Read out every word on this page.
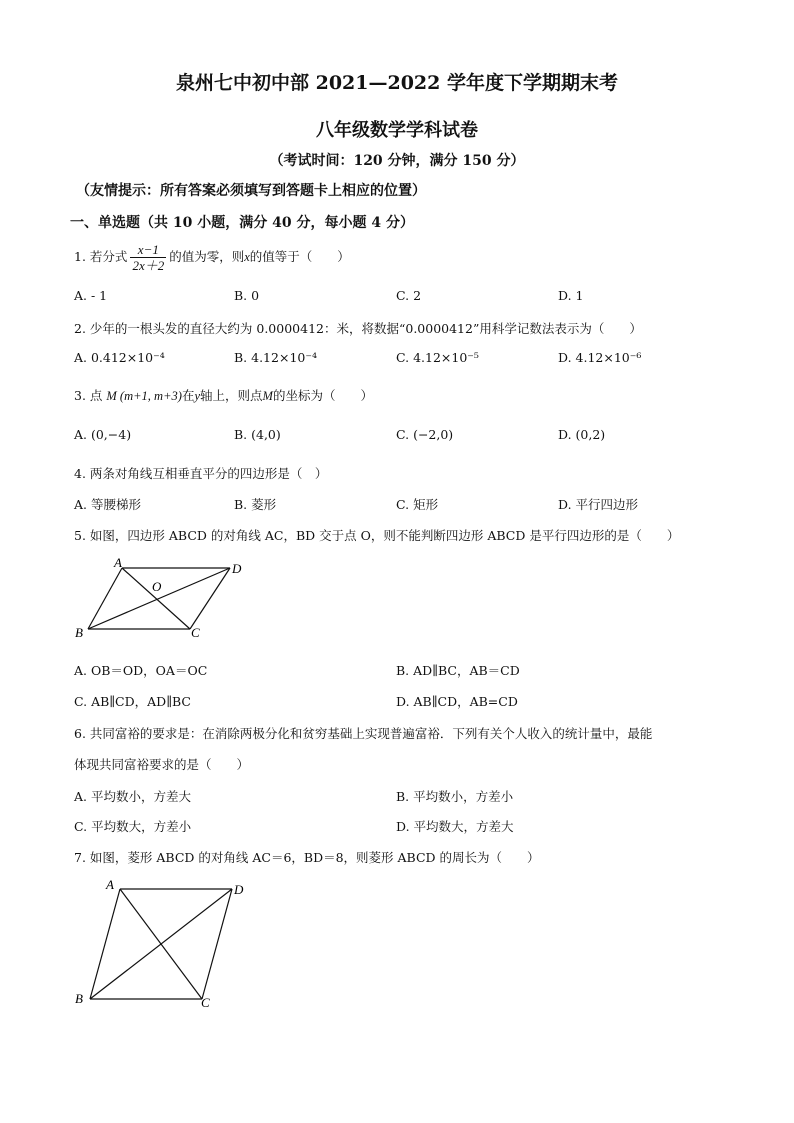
泉州七中初中部 2021—2022 学年度下学期期末考
八年级数学学科试卷
（考试时间：120 分钟，满分 150 分）
（友情提示：所有答案必须填写到答题卡上相应的位置）
一、单选题（共 10 小题，满分 40 分，每小题 4 分）
1. 若分式 $\frac{x-1}{2x+2}$ 的值为零，则x的值等于（　　）
A. - 1	B. 0	C. 2	D. 1
2. 少年的一根头发的直径大约为 0.0000412：米，将数据“0.0000412”用科学记数法表示为（　　）
A. 0.412×10⁻⁴	B. 4.12×10⁻⁴	C. 4.12×10⁻⁵	D. 4.12×10⁻⁶
3. 点 M (m+1, m+3)在y轴上，则点M的坐标为（　　）
A. (0,−4)	B. (4,0)	C. (−2,0)	D. (0,2)
4. 两条对角线互相垂直平分的四边形是（　）
A. 等腰梯形	B. 菱形	C. 矩形	D. 平行四边形
5. 如图，四边形 ABCD 的对角线 AC，BD 交于点 O，则不能判断四边形 ABCD 是平行四边形的是（　　）
A
O
D
B	C
A. OB＝OD，OA＝OC	B. AD∥BC，AB＝CD
C. AB∥CD，AD∥BC	D. AB∥CD，AB=CD
6. 共同富裕的要求是：在消除两极分化和贫穷基础上实现普遍富裕．下列有关个人收入的统计量中，最能
体现共同富裕要求的是（　　）
A. 平均数小，方差大	B. 平均数小，方差小
C. 平均数大，方差小	D. 平均数大，方差大
7. 如图，菱形 ABCD 的对角线 AC＝6，BD＝8，则菱形 ABCD 的周长为（　　）
A	D
B	C
